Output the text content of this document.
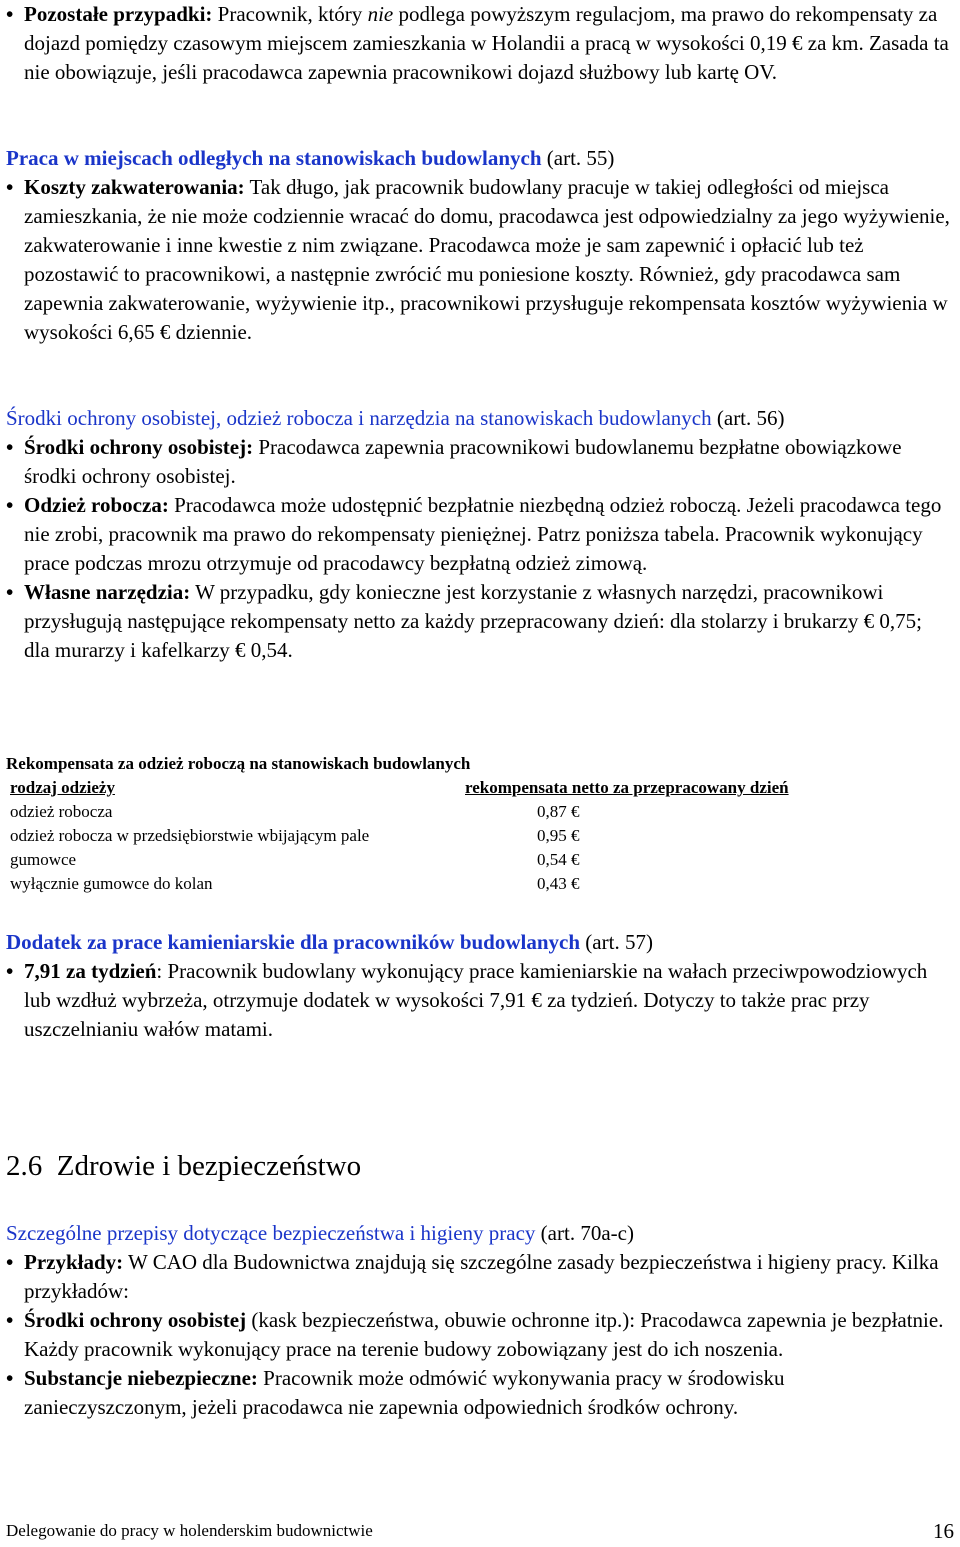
• Pozostałe przypadki: Pracownik, który nie podlega powyższym regulacjom, ma prawo do rekompensaty za dojazd pomiędzy czasowym miejscem zamieszkania w Holandii a pracą w wysokości 0,19 € za km. Zasada ta nie obowiązuje, jeśli pracodawca zapewnia pracownikowi dojazd służbowy lub kartę OV.
Praca w miejscach odległych na stanowiskach budowlanych (art. 55)
• Koszty zakwaterowania: Tak długo, jak pracownik budowlany pracuje w takiej odległości od miejsca zamieszkania, że nie może codziennie wracać do domu, pracodawca jest odpowiedzialny za jego wyżywienie, zakwaterowanie i inne kwestie z nim związane. Pracodawca może je sam zapewnić i opłacić lub też pozostawić to pracownikowi, a następnie zwrócić mu poniesione koszty. Również, gdy pracodawca sam zapewnia zakwaterowanie, wyżywienie itp., pracownikowi przysługuje rekompensata kosztów wyżywienia w wysokości 6,65 € dziennie.
Środki ochrony osobistej, odzież robocza i narzędzia na stanowiskach budowlanych (art. 56)
• Środki ochrony osobistej: Pracodawca zapewnia pracownikowi budowlanemu bezpłatne obowiązkowe środki ochrony osobistej.
• Odzież robocza: Pracodawca może udostępnić bezpłatnie niezbędną odzież roboczą. Jeżeli pracodawca tego nie zrobi, pracownik ma prawo do rekompensaty pieniężnej. Patrz poniższa tabela. Pracownik wykonujący prace podczas mrozu otrzymuje od pracodawcy bezpłatną odzież zimową.
• Własne narzędzia: W przypadku, gdy konieczne jest korzystanie z własnych narzędzi, pracownikowi przysługują następujące rekompensaty netto za każdy przepracowany dzień: dla stolarzy i brukarzy € 0,75; dla murarzy i kafelkarzy € 0,54.
Rekompensata za odzież roboczą na stanowiskach budowlanych	
rodzaj odzieży	rekompensata netto za przepracowany dzień
odzież robocza	0,87 €
odzież robocza w przedsiębiorstwie wbijającym pale	0,95 €
gumowce	0,54 €
wyłącznie gumowce do kolan	0,43 €
Dodatek za prace kamieniarskie dla pracowników budowlanych (art. 57)
• 7,91 za tydzień: Pracownik budowlany wykonujący prace kamieniarskie na wałach przeciwpowodziowych lub wzdłuż wybrzeża, otrzymuje dodatek w wysokości 7,91 € za tydzień. Dotyczy to także prac przy uszczelnianiu wałów matami.
2.6 Zdrowie i bezpieczeństwo
Szczególne przepisy dotyczące bezpieczeństwa i higieny pracy (art. 70a-c)
• Przykłady: W CAO dla Budownictwa znajdują się szczególne zasady bezpieczeństwa i higieny pracy. Kilka przykładów:
• Środki ochrony osobistej (kask bezpieczeństwa, obuwie ochronne itp.): Pracodawca zapewnia je bezpłatnie. Każdy pracownik wykonujący prace na terenie budowy zobowiązany jest do ich noszenia.
• Substancje niebezpieczne: Pracownik może odmówić wykonywania pracy w środowisku zanieczyszczonym, jeżeli pracodawca nie zapewnia odpowiednich środków ochrony.
Delegowanie do pracy w holenderskim budownictwie	16
